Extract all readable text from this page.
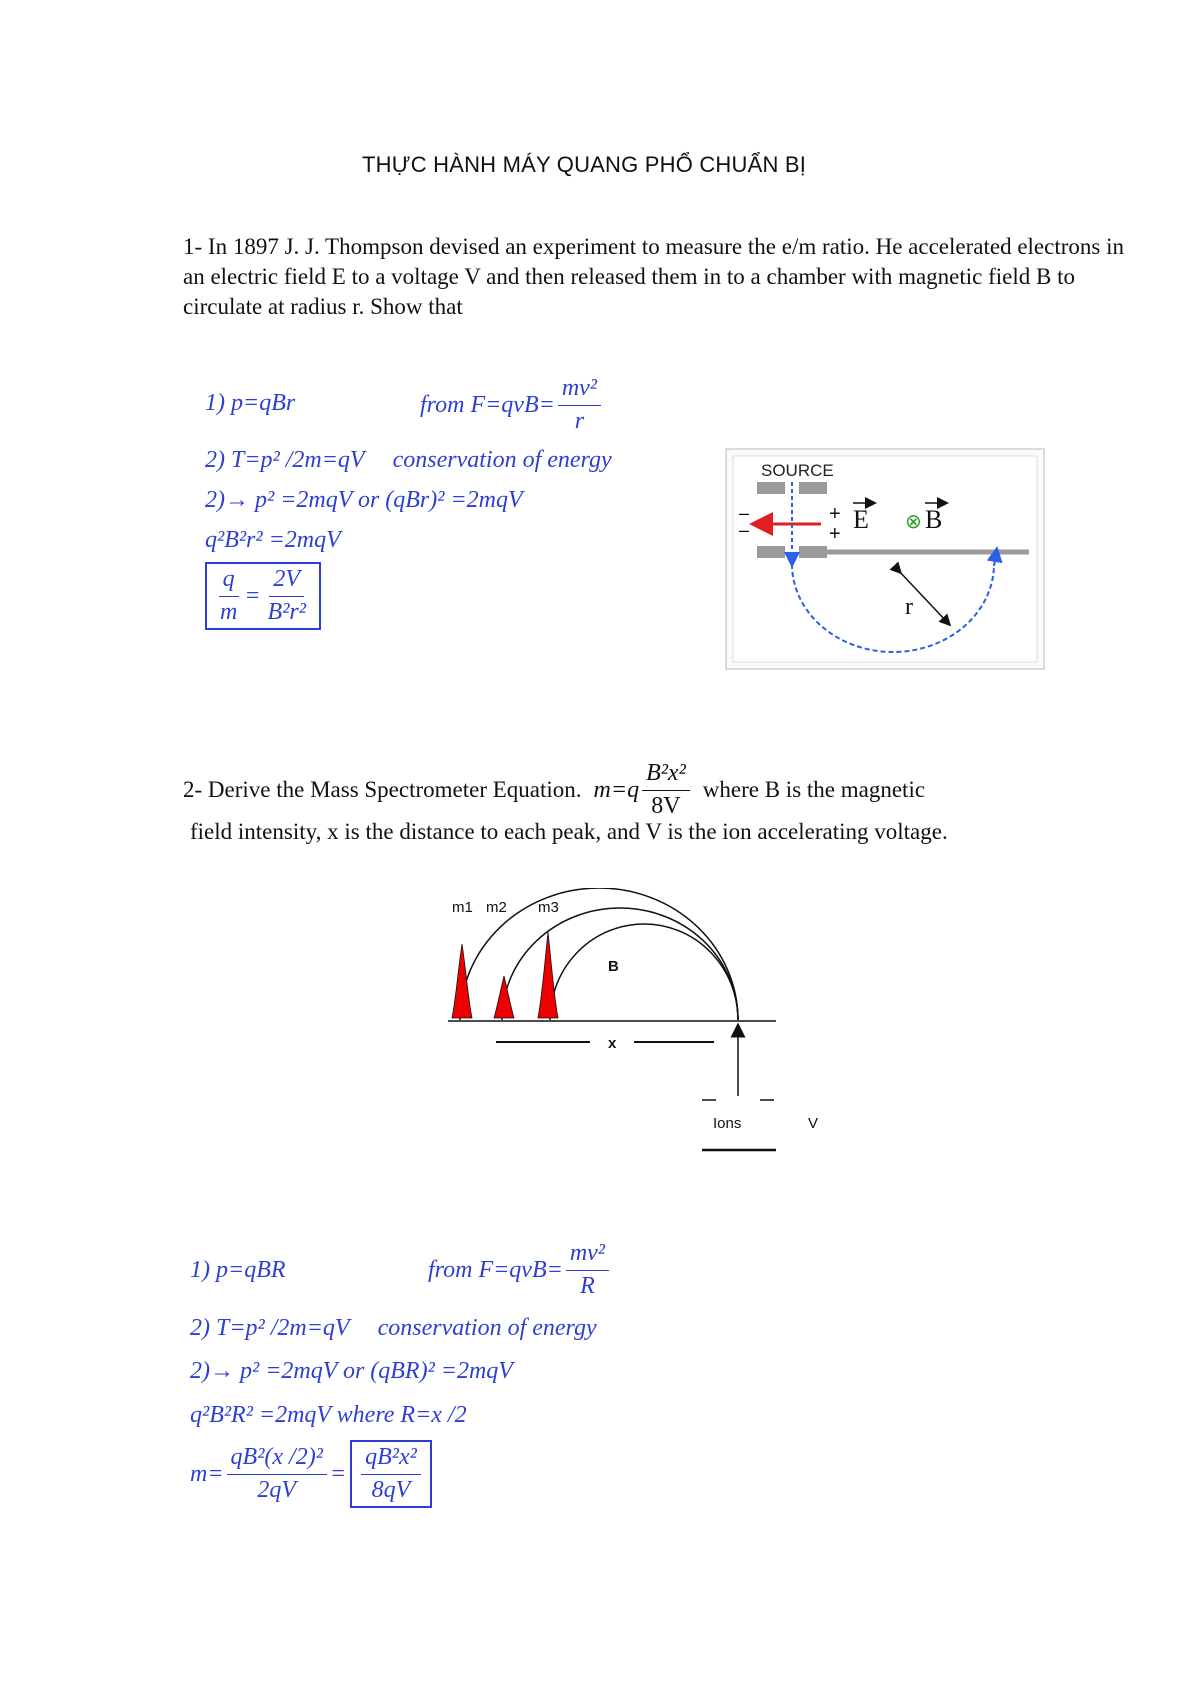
THỰC HÀNH MÁY QUANG PHỔ CHUẨN BỊ
1- In 1897 J. J. Thompson devised an experiment to measure the e/m ratio. He accelerated electrons in an electric field E to a voltage V and then released them in to a chamber with magnetic field B to circulate at radius r. Show that
1) p=qBr	from $F=qvB= \frac{\text{mv²}}{r}$
2) T=p² /2m=qV conservation of energy
2)→ p² =2mqV or (qBr)² =2mqV
q²B²r² =2mqV
$\frac{q}{m} = \frac{2V}{\text{B²r²}}$
SOURCE
–
–
+
+ E ⊗ B
r
2- Derive the Mass Spectrometer Equation. $m=q \frac{\text{B²x²}}{8V}$ where B is the magnetic
field intensity, x is the distance to each peak, and V is the ion accelerating voltage.
m1 m2 m3
B
x
Ions	V
1) p=qBR	from $F=qvB= \frac{\text{mv²}}{R}$
2) T=p² /2m=qV conservation of energy
2)→ p² =2mqV or (qBR)² =2mqV
q²B²R² =2mqV where R=x /2
$m= \frac{\text{qB²(x /2)²}}{2qV} = \frac{\text{qB²x²}}{8qV}$
